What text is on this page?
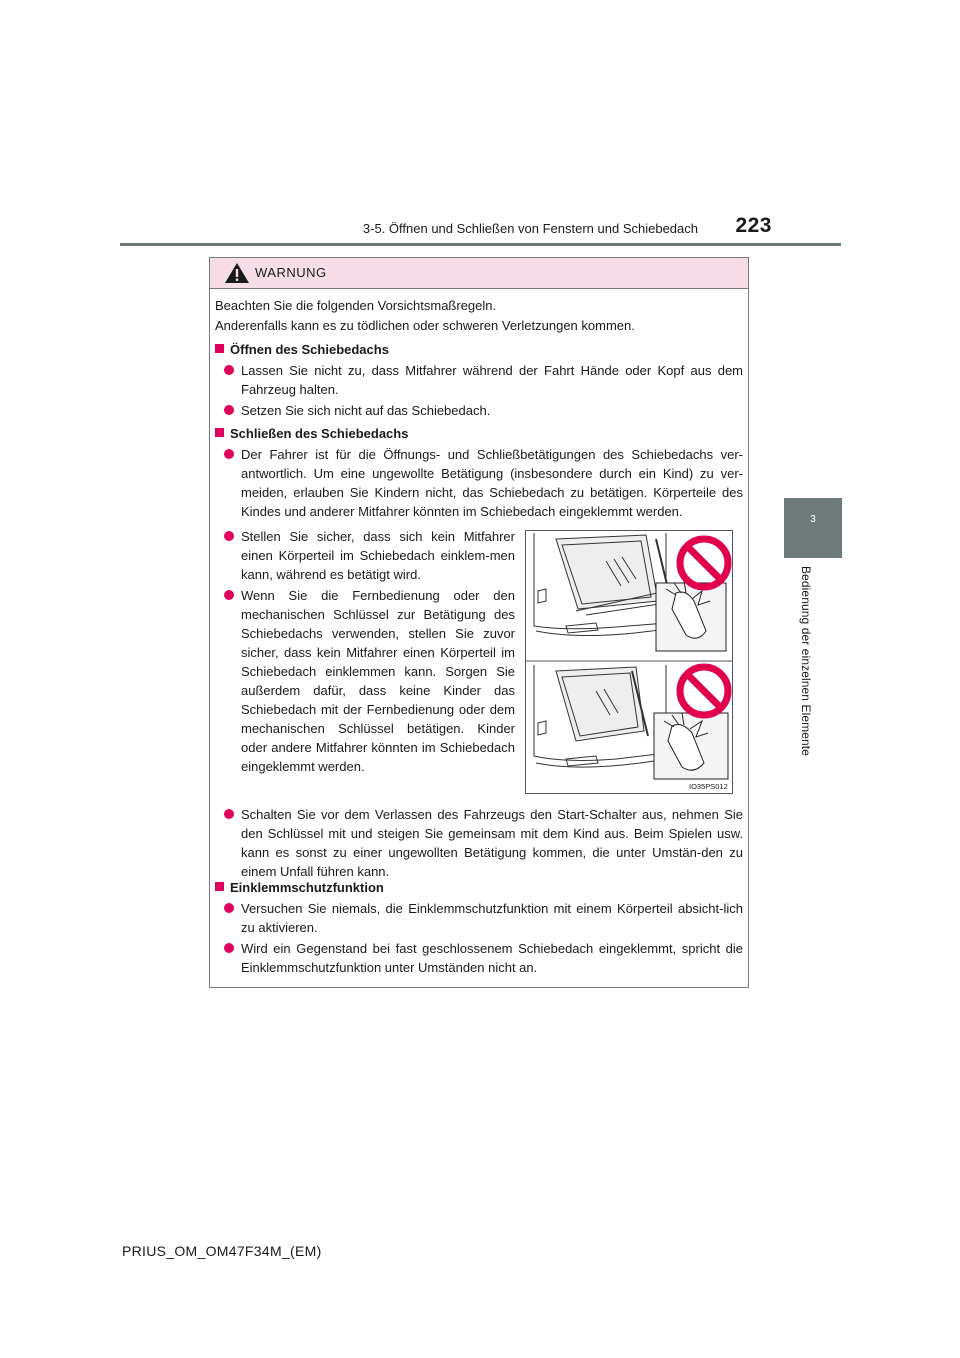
3-5. Öffnen und Schließen von Fenstern und Schiebedach	223
3
Bedienung der einzelnen Elemente
WARNUNG
Beachten Sie die folgenden Vorsichtsmaßregeln.
Anderenfalls kann es zu tödlichen oder schweren Verletzungen kommen.
Öffnen des Schiebedachs
Lassen Sie nicht zu, dass Mitfahrer während der Fahrt Hände oder Kopf aus dem Fahrzeug halten.
Setzen Sie sich nicht auf das Schiebedach.
Schließen des Schiebedachs
Der Fahrer ist für die Öffnungs- und Schließbetätigungen des Schiebedachs ver-antwortlich. Um eine ungewollte Betätigung (insbesondere durch ein Kind) zu ver-meiden, erlauben Sie Kindern nicht, das Schiebedach zu betätigen. Körperteile des Kindes und anderer Mitfahrer könnten im Schiebedach eingeklemmt werden.
Stellen Sie sicher, dass sich kein Mitfahrer einen Körperteil im Schiebedach einklem-men kann, während es betätigt wird.
Wenn Sie die Fernbedienung oder den mechanischen Schlüssel zur Betätigung des Schiebedachs verwenden, stellen Sie zuvor sicher, dass kein Mitfahrer einen Körperteil im Schiebedach einklemmen kann. Sorgen Sie außerdem dafür, dass keine Kinder das Schiebedach mit der Fernbedienung oder dem mechanischen Schlüssel betätigen. Kinder oder andere Mitfahrer könnten im Schiebedach eingeklemmt werden.
IO35PS012
Schalten Sie vor dem Verlassen des Fahrzeugs den Start-Schalter aus, nehmen Sie den Schlüssel mit und steigen Sie gemeinsam mit dem Kind aus. Beim Spielen usw. kann es sonst zu einer ungewollten Betätigung kommen, die unter Umstän-den zu einem Unfall führen kann.
Einklemmschutzfunktion
Versuchen Sie niemals, die Einklemmschutzfunktion mit einem Körperteil absicht-lich zu aktivieren.
Wird ein Gegenstand bei fast geschlossenem Schiebedach eingeklemmt, spricht die Einklemmschutzfunktion unter Umständen nicht an.
PRIUS_OM_OM47F34M_(EM)
